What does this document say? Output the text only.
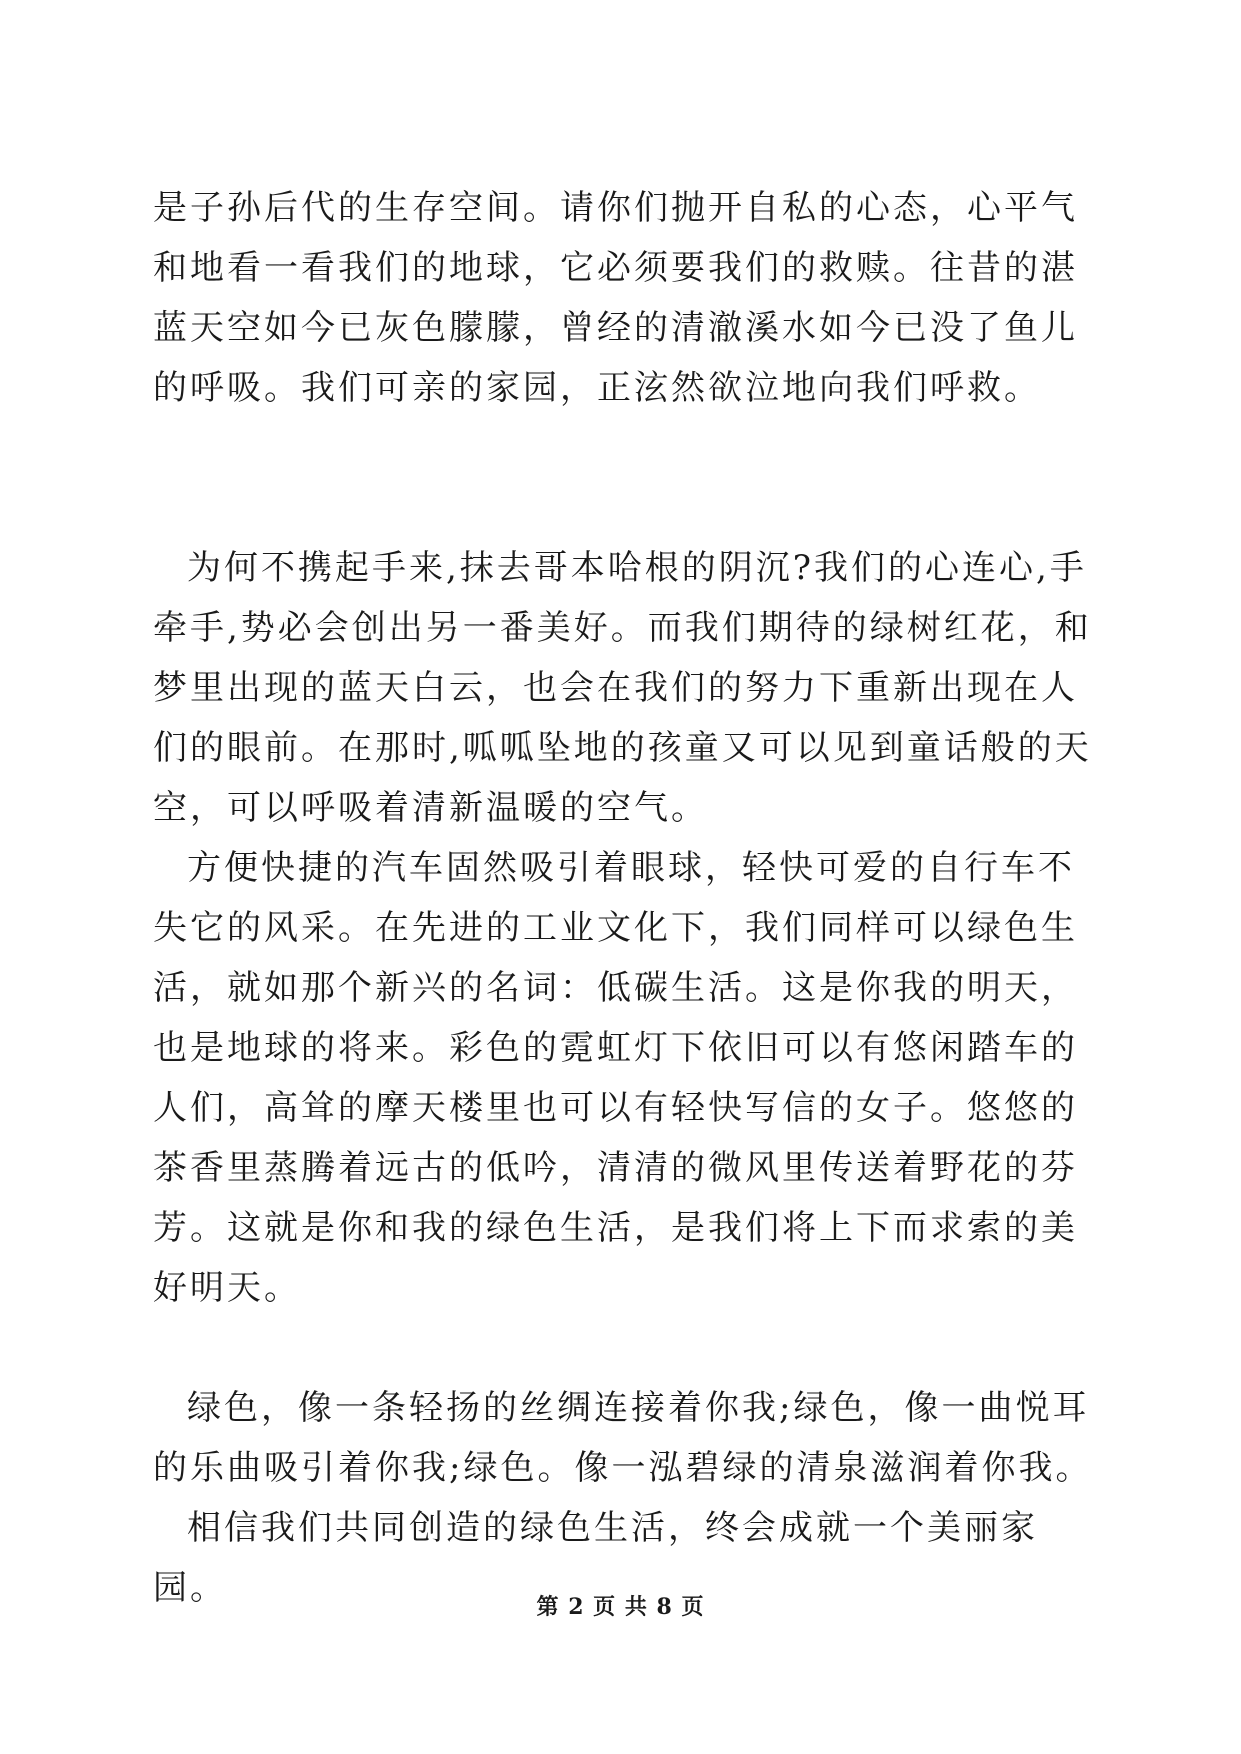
是子孙后代的生存空间。请你们抛开自私的心态，心平气和地看一看我们的地球，它必须要我们的救赎。往昔的湛蓝天空如今已灰色朦朦，曾经的清澈溪水如今已没了鱼儿的呼吸。我们可亲的家园，正泫然欲泣地向我们呼救。

为何不携起手来,抹去哥本哈根的阴沉?我们的心连心,手牵手,势必会创出另一番美好。而我们期待的绿树红花，和梦里出现的蓝天白云，也会在我们的努力下重新出现在人们的眼前。在那时,呱呱坠地的孩童又可以见到童话般的天空，可以呼吸着清新温暖的空气。

方便快捷的汽车固然吸引着眼球，轻快可爱的自行车不失它的风采。在先进的工业文化下，我们同样可以绿色生活，就如那个新兴的名词：低碳生活。这是你我的明天，也是地球的将来。彩色的霓虹灯下依旧可以有悠闲踏车的人们，高耸的摩天楼里也可以有轻快写信的女子。悠悠的茶香里蒸腾着远古的低吟，清清的微风里传送着野花的芬芳。这就是你和我的绿色生活，是我们将上下而求索的美好明天。

绿色，像一条轻扬的丝绸连接着你我;绿色，像一曲悦耳的乐曲吸引着你我;绿色。像一泓碧绿的清泉滋润着你我。

相信我们共同创造的绿色生活，终会成就一个美丽家园。	第 2 页 共 8 页
